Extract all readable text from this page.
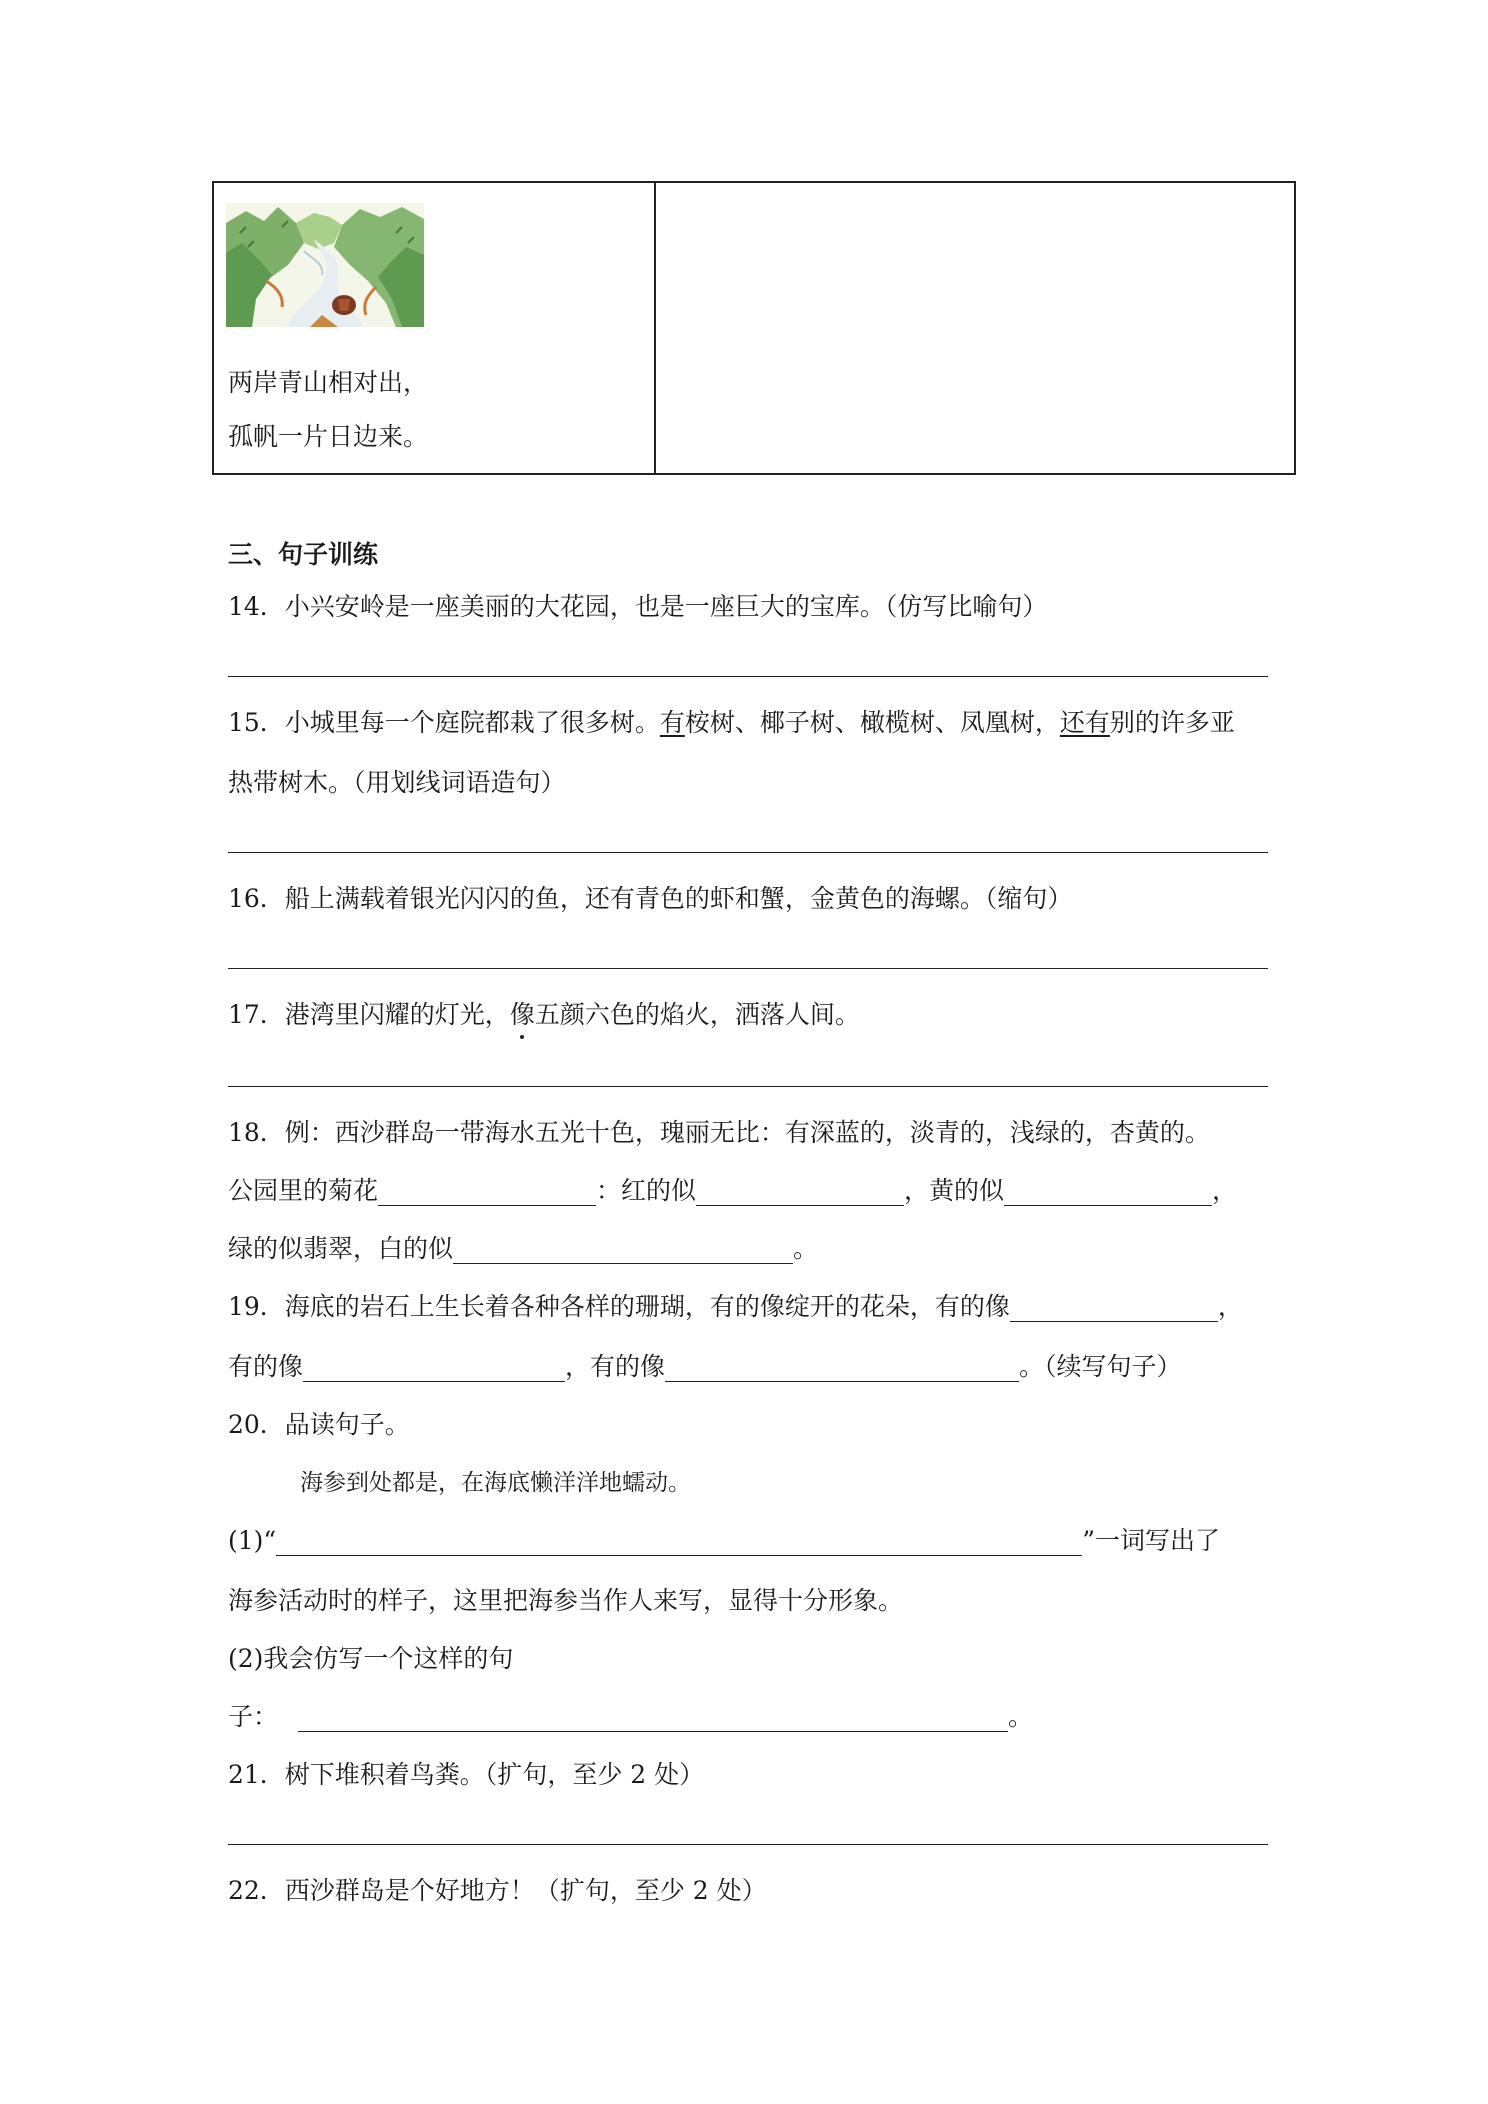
两岸青山相对出，
孤帆一片日边来。
三、句子训练
14．小兴安岭是一座美丽的大花园，也是一座巨大的宝库。（仿写比喻句）
15．小城里每一个庭院都栽了很多树。有桉树、椰子树、橄榄树、凤凰树，还有别的许多亚
热带树木。（用划线词语造句）
16．船上满载着银光闪闪的鱼，还有青色的虾和蟹，金黄色的海螺。（缩句）
17．港湾里闪耀的灯光，像五颜六色的焰火，洒落人间。
18．例：西沙群岛一带海水五光十色，瑰丽无比：有深蓝的，淡青的，浅绿的，杏黄的。
公园里的菊花	：红的似	，黄的似	，
绿的似翡翠，白的似	。
19．海底的岩石上生长着各种各样的珊瑚，有的像绽开的花朵，有的像	，
有的像	，有的像	。（续写句子）
20．品读句子。
海参到处都是，在海底懒洋洋地蠕动。
(1)“	”一词写出了
海参活动时的样子，这里把海参当作人来写，显得十分形象。
(2)我会仿写一个这样的句
子：	。
21．树下堆积着鸟粪。（扩句，至少 2 处）
22．西沙群岛是个好地方！（扩句，至少 2 处）
